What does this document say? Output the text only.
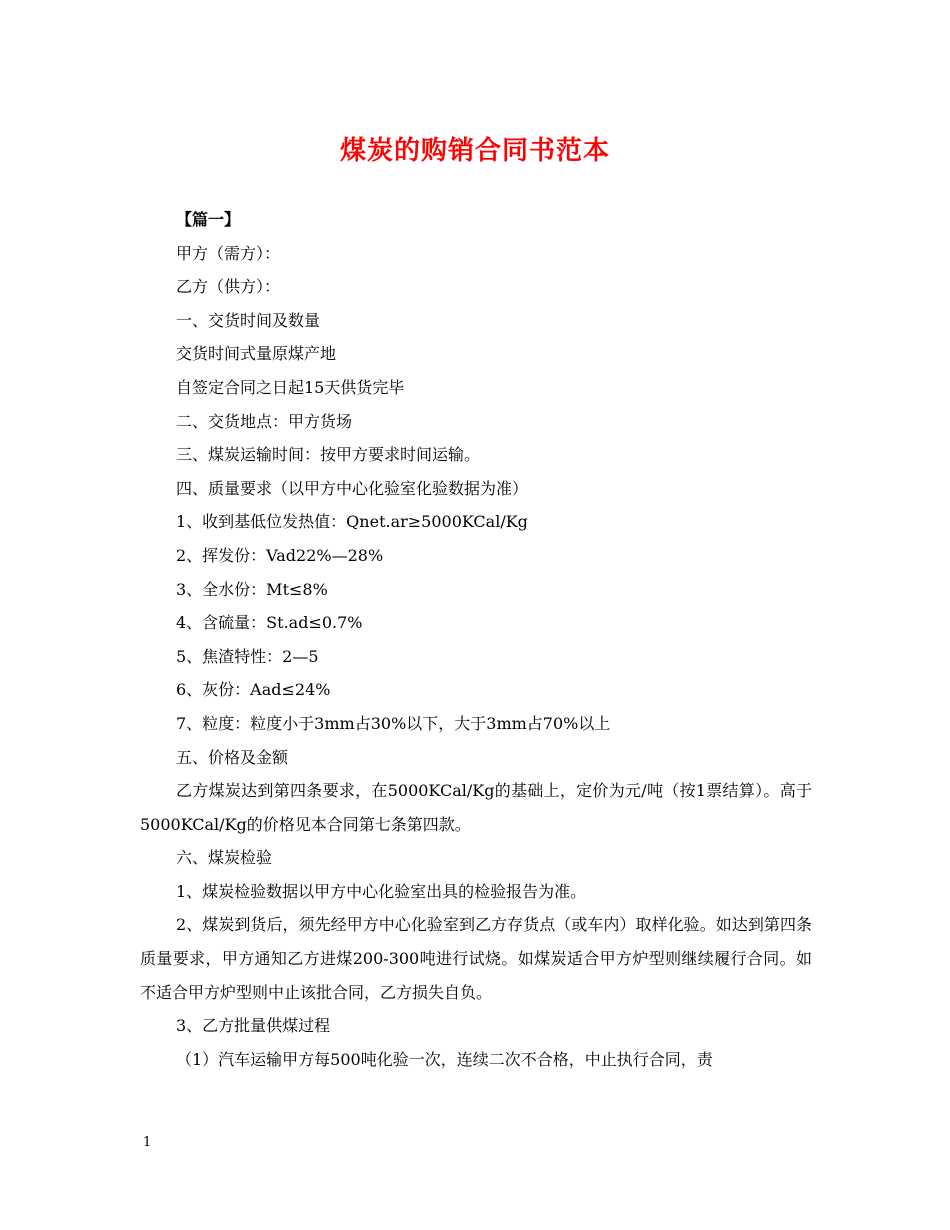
煤炭的购销合同书范本
【篇一】
甲方（需方）：
乙方（供方）：
一、交货时间及数量
交货时间式量原煤产地
自签定合同之日起15天供货完毕
二、交货地点：甲方货场
三、煤炭运输时间：按甲方要求时间运输。
四、质量要求（以甲方中心化验室化验数据为准）
1、收到基低位发热值：Qnet.ar≥5000KCal/Kg
2、挥发份：Vad22%—28%
3、全水份：Mt≤8%
4、含硫量：St.ad≤0.7%
5、焦渣特性：2—5
6、灰份：Aad≤24%
7、粒度：粒度小于3mm占30%以下，大于3mm占70%以上
五、价格及金额
乙方煤炭达到第四条要求，在5000KCal/Kg的基础上，定价为元/吨（按1票结算）。高于5000KCal/Kg的价格见本合同第七条第四款。
六、煤炭检验
1、煤炭检验数据以甲方中心化验室出具的检验报告为准。
2、煤炭到货后，须先经甲方中心化验室到乙方存货点（或车内）取样化验。如达到第四条质量要求，甲方通知乙方进煤200-300吨进行试烧。如煤炭适合甲方炉型则继续履行合同。如不适合甲方炉型则中止该批合同，乙方损失自负。
3、乙方批量供煤过程
（1）汽车运输甲方每500吨化验一次，连续二次不合格，中止执行合同，责
1
